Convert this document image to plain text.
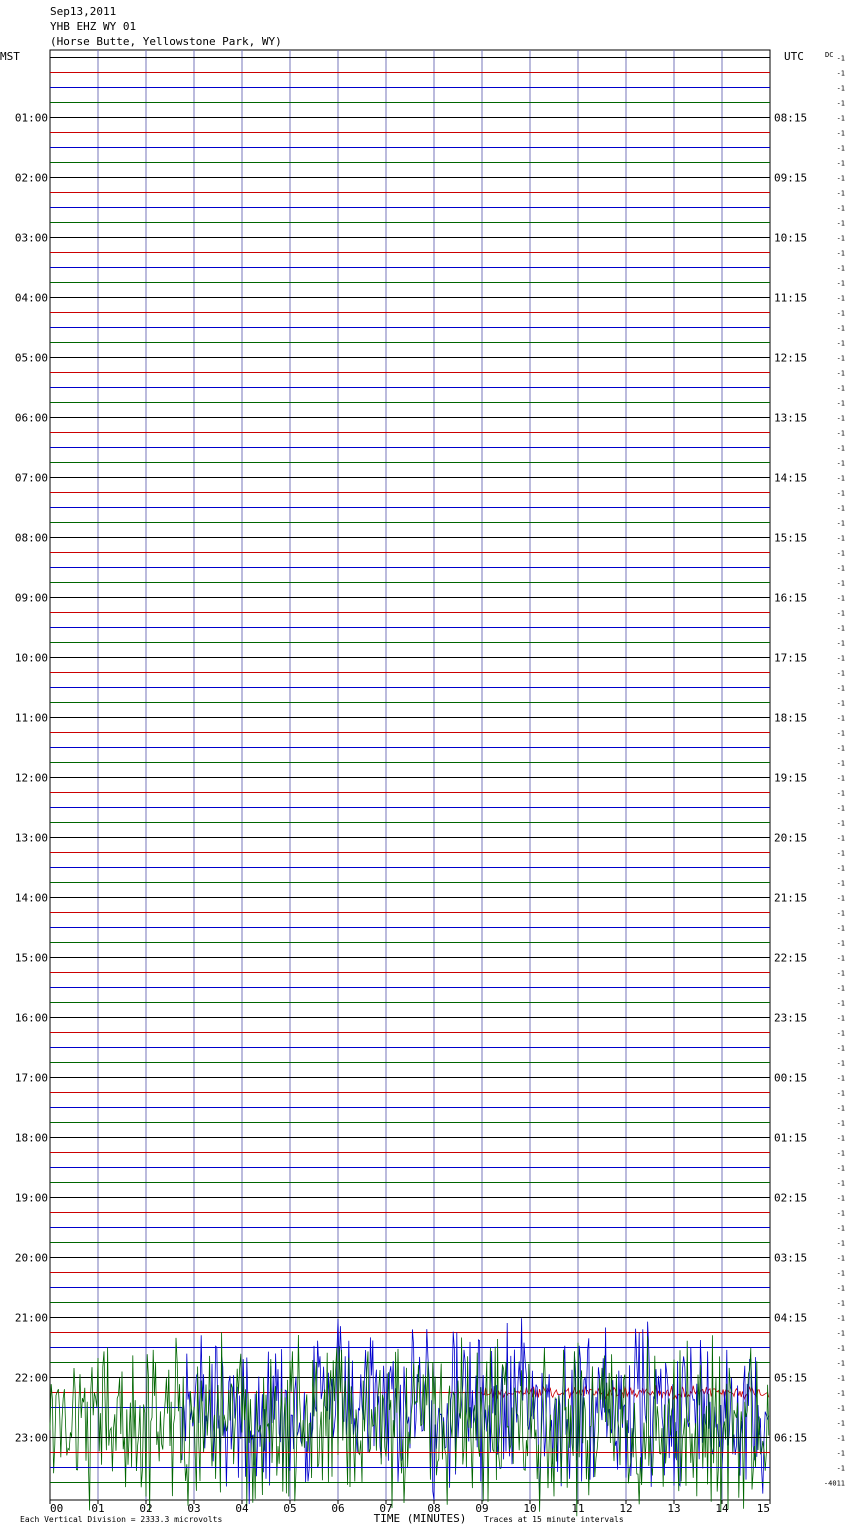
Sep13,2011
YHB EHZ WY 01
(Horse Butte, Yellowstone Park, WY)
01:00
02:00
03:00
04:00
05:00
06:00
07:00
08:00
09:00
10:00
11:00
12:00
13:00
14:00
15:00
16:00
17:00
18:00
19:00
20:00
21:00
22:00
23:00
08:15
09:15
10:15
11:15
12:15
13:15
14:15
15:15
16:15
17:15
18:15
19:15
20:15
21:15
22:15
23:15
00:15
01:15
02:15
03:15
04:15
05:15
06:15
MST	UTC	DC -1
-1
-1
-1
-1
-1
-1
-1
-1
-1
-1
-1
-1
-1
-1
-1
-1
-1
-1
-1
-1
-1
-1
-1
-1
-1
-1
-1
-1
-1
-1
-1
-1
-1
-1
-1
-1
-1
-1
-1
-1
-1
-1
-1
-1
-1
-1
-1
-1
-1
-1
-1
-1
-1
-1
-1
-1
-1
-1
-1
-1
-1
-1
-1
-1
-1
-1
-1
-1
-1
-1
-1
-1
-1
-1
-1
-1
-1
-1
-1
-1
-1
-1
-1
-1
-1
-1
-1
-1
-1
-1
-1
-1
-1
-1
-4011
00	01	02	03	04	05	06	07	08	09	10	11	12	13	14	15
TIME (MINUTES)
Each Vertical Division = 2333.3 microvolts	Traces at 15 minute intervals
